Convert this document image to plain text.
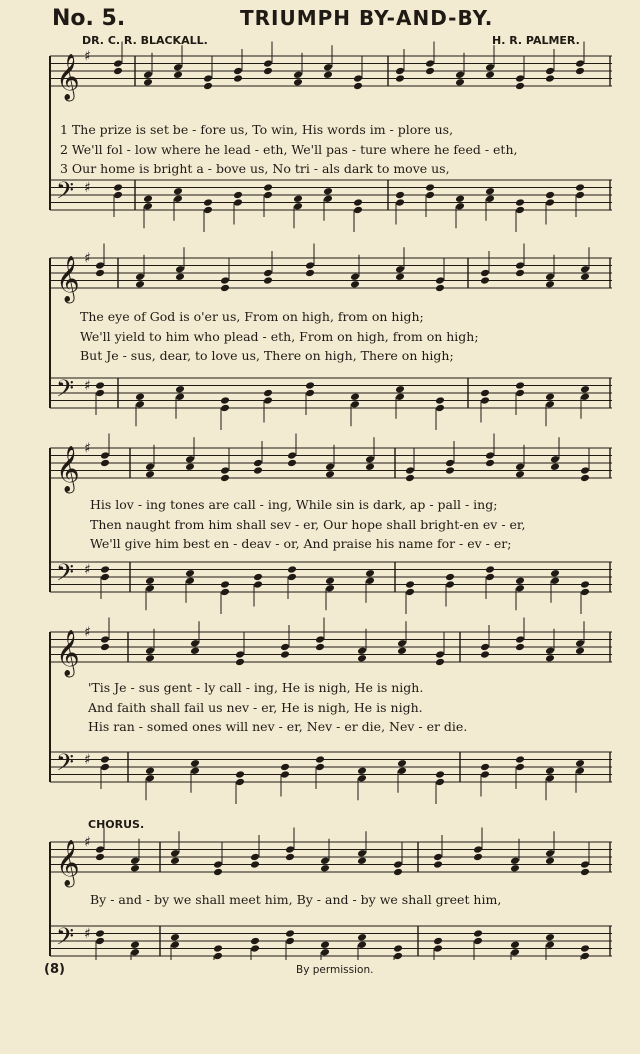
No. 5.	TRIUMPH BY-AND-BY.
DR. C. R. BLACKALL.	H. R. PALMER.
𝄞 ♯
𝄢 ♯
1 The prize is set be - fore us, To win, His words im - plore us,
2 We'll fol - low where he lead - eth, We'll pas - ture where he feed - eth,
3 Our home is bright a - bove us, No tri - als dark to move us,
𝄞 ♯
𝄢 ♯
The eye of God is o'er us, From on high, from on high;
We'll yield to him who plead - eth, From on high, from on high;
But Je - sus, dear, to love us, There on high, There on high;
𝄞 ♯
𝄢 ♯
His lov - ing tones are call - ing, While sin is dark, ap - pall - ing;
Then naught from him shall sev - er, Our hope shall bright-en ev - er,
We'll give him best en - deav - or, And praise his name for - ev - er;
𝄞 ♯
𝄢 ♯
'Tis Je - sus gent - ly call - ing, He is nigh, He is nigh.
And faith shall fail us nev - er, He is nigh, He is nigh.
His ran - somed ones will nev - er, Nev - er die, Nev - er die.
CHORUS.
𝄞 ♯
𝄢 ♯
By - and - by we shall meet him, By - and - by we shall greet him,
(8)	By permission.
